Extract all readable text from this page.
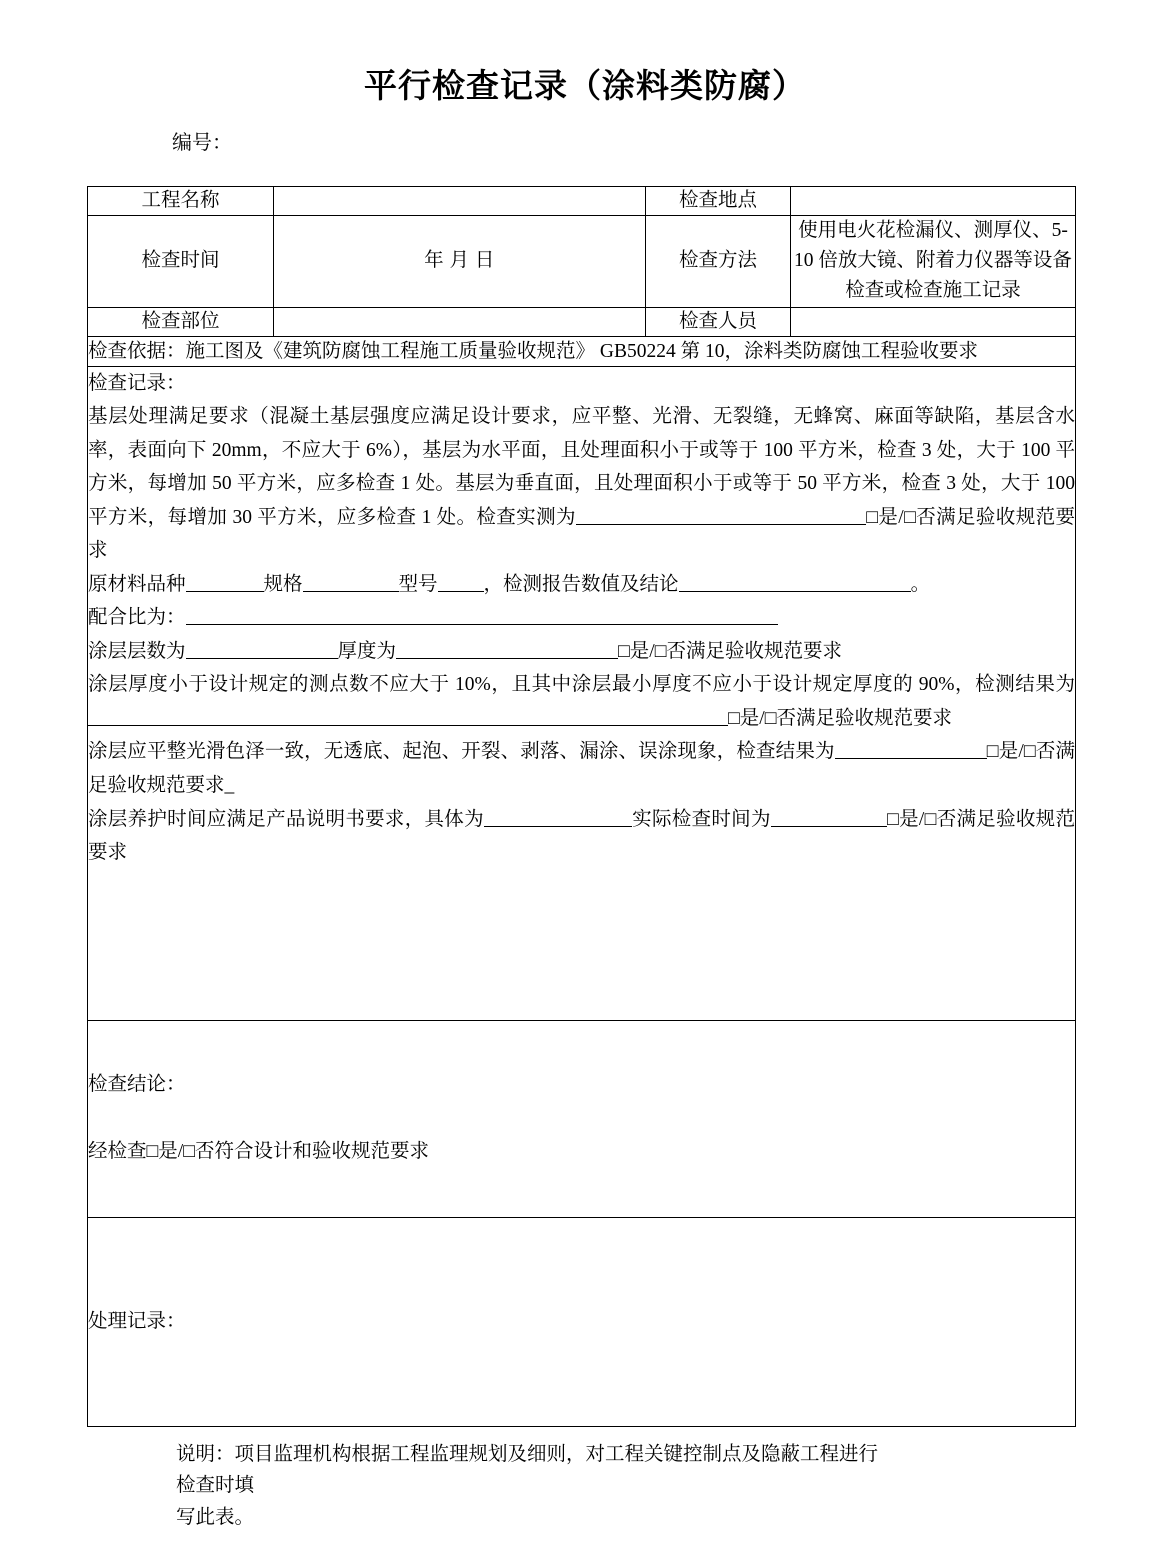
平行检查记录（涂料类防腐）
编号：
工程名称		检查地点	
检查时间	年 月 日	检查方法	使用电火花检漏仪、测厚仪、5-10 倍放大镜、附着力仪器等设备检查或检查施工记录
检查部位		检查人员	
检查依据：施工图及《建筑防腐蚀工程施工质量验收规范》 GB50224 第 10，涂料类防腐蚀工程验收要求			

检查记录：

基层处理满足要求（混凝土基层强度应满足设计要求，应平整、光滑、无裂缝，无蜂窝、麻面等缺陷，基层含水率，表面向下 20mm，不应大于 6%），基层为水平面，且处理面积小于或等于 100 平方米，检查 3 处，大于 100 平方米，每增加 50 平方米，应多检查 1 处。基层为垂直面，且处理面积小于或等于 50 平方米，检查 3 处，大于 100 平方米，每增加 30 平方米，应多检查 1 处。检查实测为	□是/□否满足验收规范要求

原材料品种	规格	型号 ，检测报告数值及结论	。

配合比为：

涂层层数为	厚度为	□是/□否满足验收规范要求

涂层厚度小于设计规定的测点数不应大于 10%，且其中涂层最小厚度不应小于设计规定厚度的 90%，检测结果为□是/□否满足验收规范要求

涂层应平整光滑色泽一致，无透底、起泡、开裂、剥落、漏涂、误涂现象，检查结果为	□是/□否满足验收规范要求_

涂层养护时间应满足产品说明书要求，具体为	实际检查时间为	□是/□否满足验收规范要求

检查结论：

经检查□是/□否符合设计和验收规范要求			

处理记录：			

说明：项目监理机构根据工程监理规划及细则，对工程关键控制点及隐蔽工程进行检查时填

写此表。
